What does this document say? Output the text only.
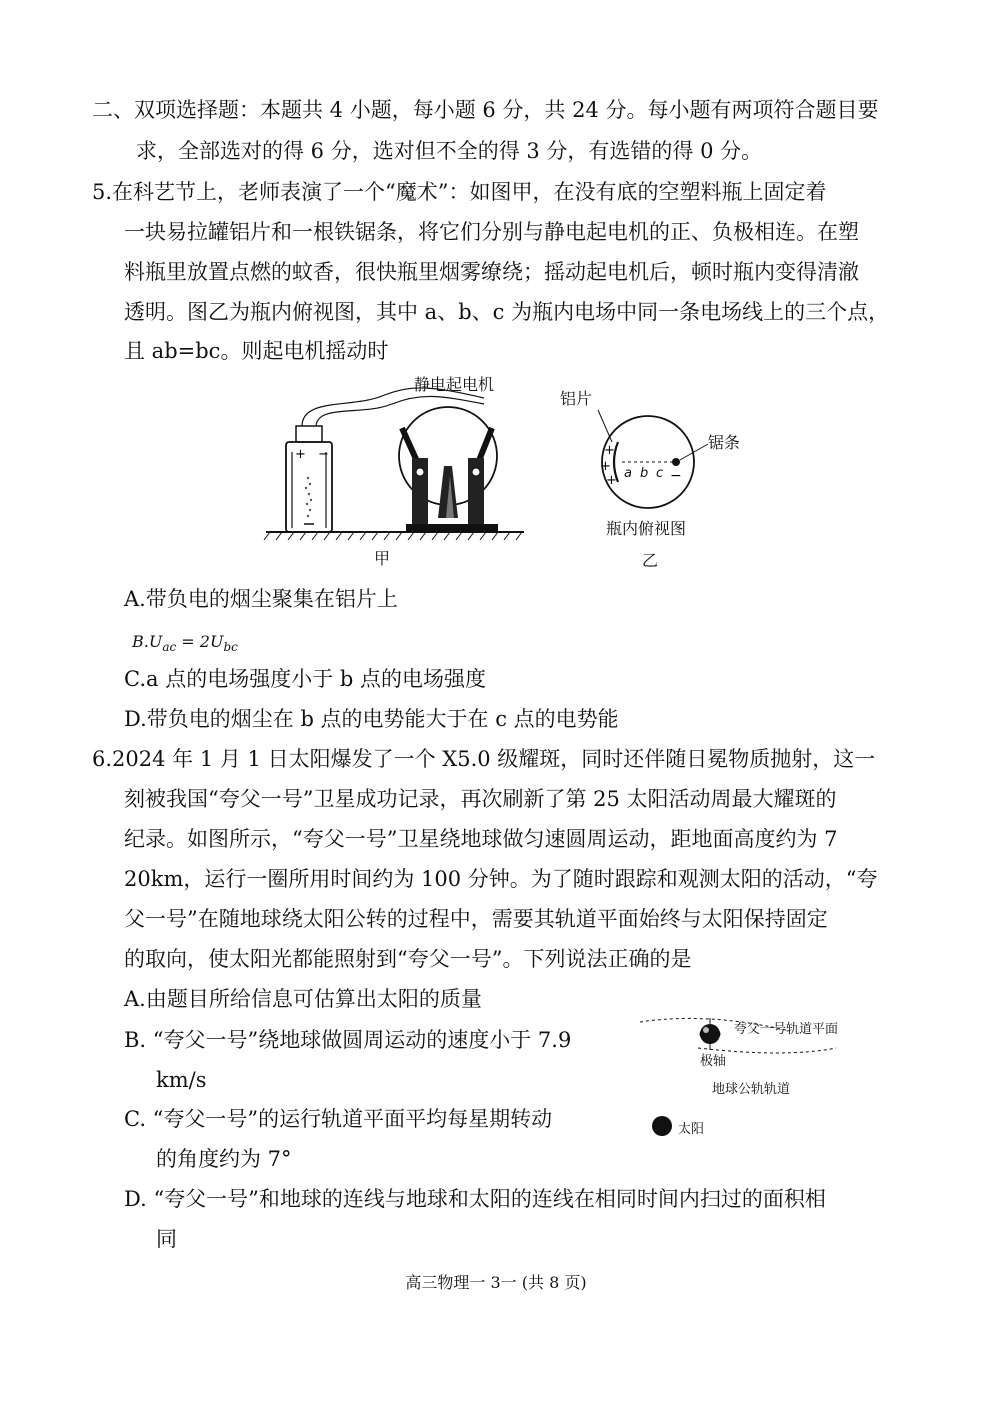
二、双项选择题：本题共 4 小题，每小题 6 分，共 24 分。每小题有两项符合题目要
求，全部选对的得 6 分，选对但不全的得 3 分，有选错的得 0 分。
5.在科艺节上，老师表演了一个“魔术”：如图甲，在没有底的空塑料瓶上固定着
一块易拉罐铝片和一根铁锯条，将它们分别与静电起电机的正、负极相连。在塑
料瓶里放置点燃的蚊香，很快瓶里烟雾缭绕；摇动起电机后，顿时瓶内变得清澈
透明。图乙为瓶内俯视图，其中 a、b、c 为瓶内电场中同一条电场线上的三个点，
且 ab=bc。则起电机摇动时
+ −
静电起电机
甲
+
+
+	−
铝片
锯条
a b c
瓶内俯视图
乙
A.带负电的烟尘聚集在铝片上
$B.U_{ac} = 2U_{bc}$
C.a 点的电场强度小于 b 点的电场强度
D.带负电的烟尘在 b 点的电势能大于在 c 点的电势能
6.2024 年 1 月 1 日太阳爆发了一个 X5.0 级耀斑，同时还伴随日冕物质抛射，这一
刻被我国“夸父一号”卫星成功记录，再次刷新了第 25 太阳活动周最大耀斑的
纪录。如图所示，“夸父一号”卫星绕地球做匀速圆周运动，距地面高度约为 7
20km，运行一圈所用时间约为 100 分钟。为了随时跟踪和观测太阳的活动，“夸
父一号”在随地球绕太阳公转的过程中，需要其轨道平面始终与太阳保持固定
的取向，使太阳光都能照射到“夸父一号”。下列说法正确的是
A.由题目所给信息可估算出太阳的质量
B. “夸父一号”绕地球做圆周运动的速度小于 7.9
km/s
C. “夸父一号”的运行轨道平面平均每星期转动
的角度约为 7°
D. “夸父一号”和地球的连线与地球和太阳的连线在相同时间内扫过的面积相
同
夸父一号轨道平面
极轴
地球公轨轨道
太阳
高三物理一 3一 (共 8 页)
